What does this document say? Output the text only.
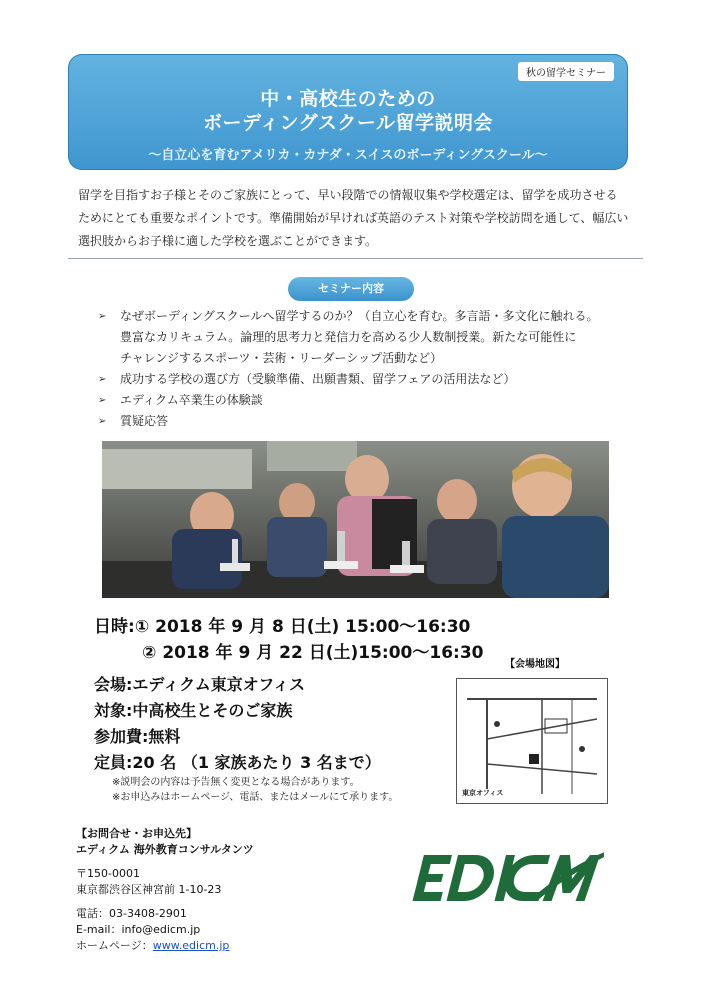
秋の留学セミナー
中・高校生のための
ボーディングスクール留学説明会
～自立心を育むアメリカ・カナダ・スイスのボーディングスクール～
留学を目指すお子様とそのご家族にとって、早い段階での情報収集や学校選定は、留学を成功させる
ためにとても重要なポイントです。準備開始が早ければ英語のテスト対策や学校訪問を通して、幅広い
選択肢からお子様に適した学校を選ぶことができます。
セミナー内容
➢ なぜボーディングスクールへ留学するのか？（自立心を育む。多言語・多文化に触れる。
豊富なカリキュラム。論理的思考力と発信力を高める少人数制授業。新たな可能性に
チャレンジするスポーツ・芸術・リーダーシップ活動など）
➢ 成功する学校の選び方（受験準備、出願書類、留学フェアの活用法など）
➢ エディクム卒業生の体験談
➢ 質疑応答
日時:① 2018 年 9 月 8 日(土) 15:00～16:30
② 2018 年 9 月 22 日(土)15:00～16:30
会場:エディクム東京オフィス
対象:中高校生とそのご家族
参加費:無料
定員:20 名 （1 家族あたり 3 名まで）
※説明会の内容は予告無く変更となる場合があります。
※お申込みはホームページ、電話、またはメールにて承ります。
【会場地図】
東京オフィス
【お問合せ・お申込先】
エディクム 海外教育コンサルタンツ
〒150-0001
東京都渋谷区神宮前 1-10-23
電話：03-3408-2901
E-mail：info@edicm.jp
ホームページ：www.edicm.jp
